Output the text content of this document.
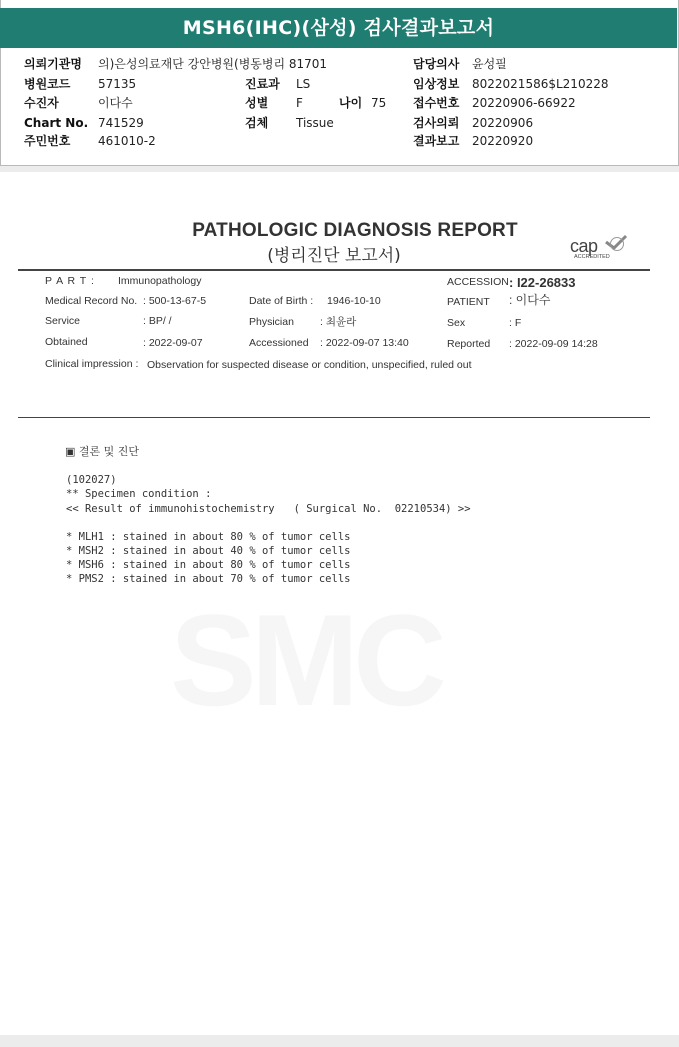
MSH6(IHC)(삼성) 검사결과보고서
의뢰기관명 의)은성의료재단 강안병원(병동병리 81701	담당의사 윤성필
병원코드 57135	진료과 LS	임상정보 8022021586$L210228
수진자	이다수	성별 F	나이 75 접수번호 20220906-66922
Chart No. 741529	검체 Tissue	검사의뢰 20220906
주민번호 461010-2	결과보고 20220920
PATHOLOGIC DIAGNOSIS REPORT
(병리진단 보고서)	cap
ACCREDITED
P A R T : Immunopathology	ACCESSION : I22-26833
Medical Record No. : 500-13-67-5	Date of Birth : 1946-10-10	PATIENT : 이다수
Service	: BP/ /	Physician : 최윤라	Sex	: F
Obtained	: 2022-09-07	Accessioned : 2022-09-07 13:40	Reported : 2022-09-09 14:28
Clinical impression : Observation for suspected disease or condition, unspecified, ruled out
SMC
▣ 결론 및 진단
(102027)
** Specimen condition :
<< Result of immunohistochemistry   ( Surgical No.  02210534) >>
* MLH1 : stained in about 80 % of tumor cells
* MSH2 : stained in about 40 % of tumor cells
* MSH6 : stained in about 80 % of tumor cells
* PMS2 : stained in about 70 % of tumor cells
